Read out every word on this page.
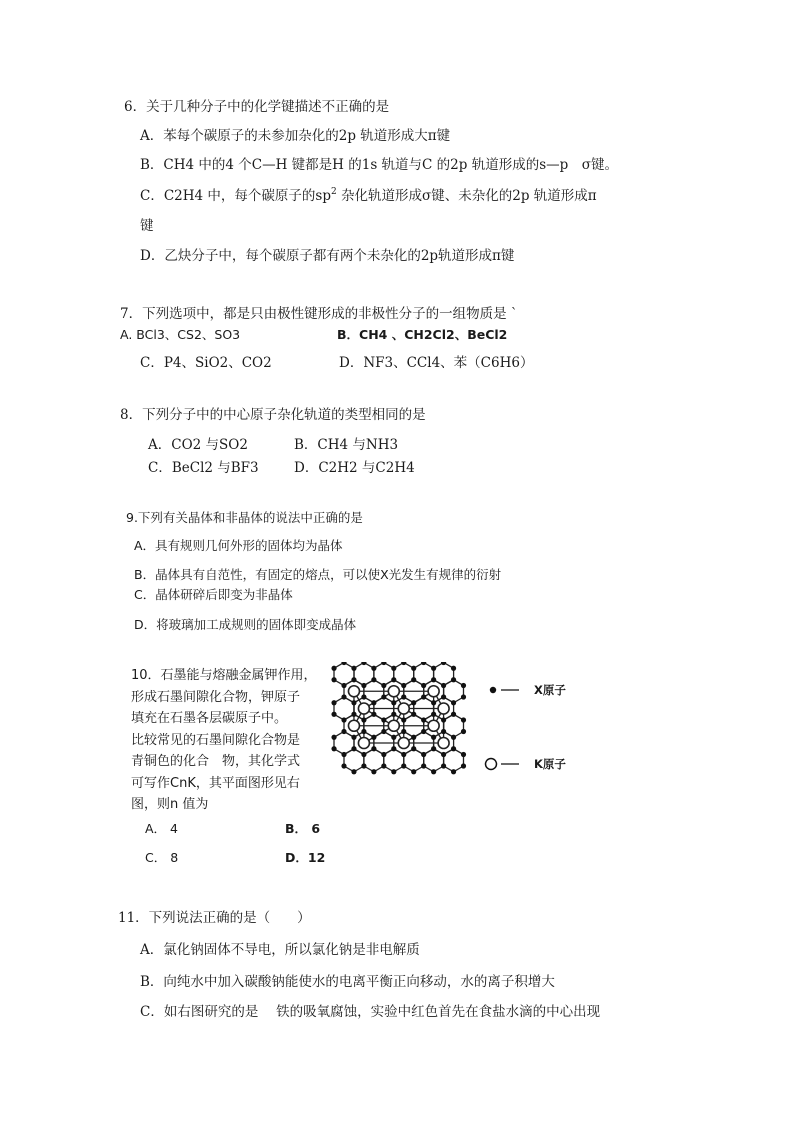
6．关于几种分子中的化学键描述不正确的是
A．苯每个碳原子的未参加杂化的2p 轨道形成大π键
B．CH4 中的4 个C—H 键都是H 的1s 轨道与C 的2p 轨道形成的s—p　σ键。
C．C2H4 中，每个碳原子的$sp^2$ 杂化轨道形成σ键、未杂化的2p 轨道形成π
键
D．乙炔分子中，每个碳原子都有两个未杂化的2p轨道形成π键
7．下列选项中，都是只由极性键形成的非极性分子的一组物质是 `
A. BCl3、CS2、SO3	B．CH4 、CH2Cl2、BeCl2
C．P4、SiO2、CO2	D．NF3、CCl4、苯（C6H6）
8．下列分子中的中心原子杂化轨道的类型相同的是
A．CO2 与SO2	B．CH4 与NH3
C．BeCl2 与BF3	D．C2H2 与C2H4
9.下列有关晶体和非晶体的说法中正确的是
A．具有规则几何外形的固体均为晶体
B．晶体具有自范性，有固定的熔点，可以使X光发生有规律的衍射
C．晶体研碎后即变为非晶体
D．将玻璃加工成规则的固体即变成晶体
10．石墨能与熔融金属钾作用，
形成石墨间隙化合物，钾原子
填充在石墨各层碳原子中。
比较常见的石墨间隙化合物是
青铜色的化合　物，其化学式
可写作CnK，其平面图形见右
图，则n 值为
X原子
K原子
A． 4	B． 6
C． 8	D．12
11．下列说法正确的是（　　）
A．氯化钠固体不导电，所以氯化钠是非电解质
B．向纯水中加入碳酸钠能使水的电离平衡正向移动，水的离子积增大
C．如右图研究的是　 铁的吸氧腐蚀，实验中红色首先在食盐水滴的中心出现
